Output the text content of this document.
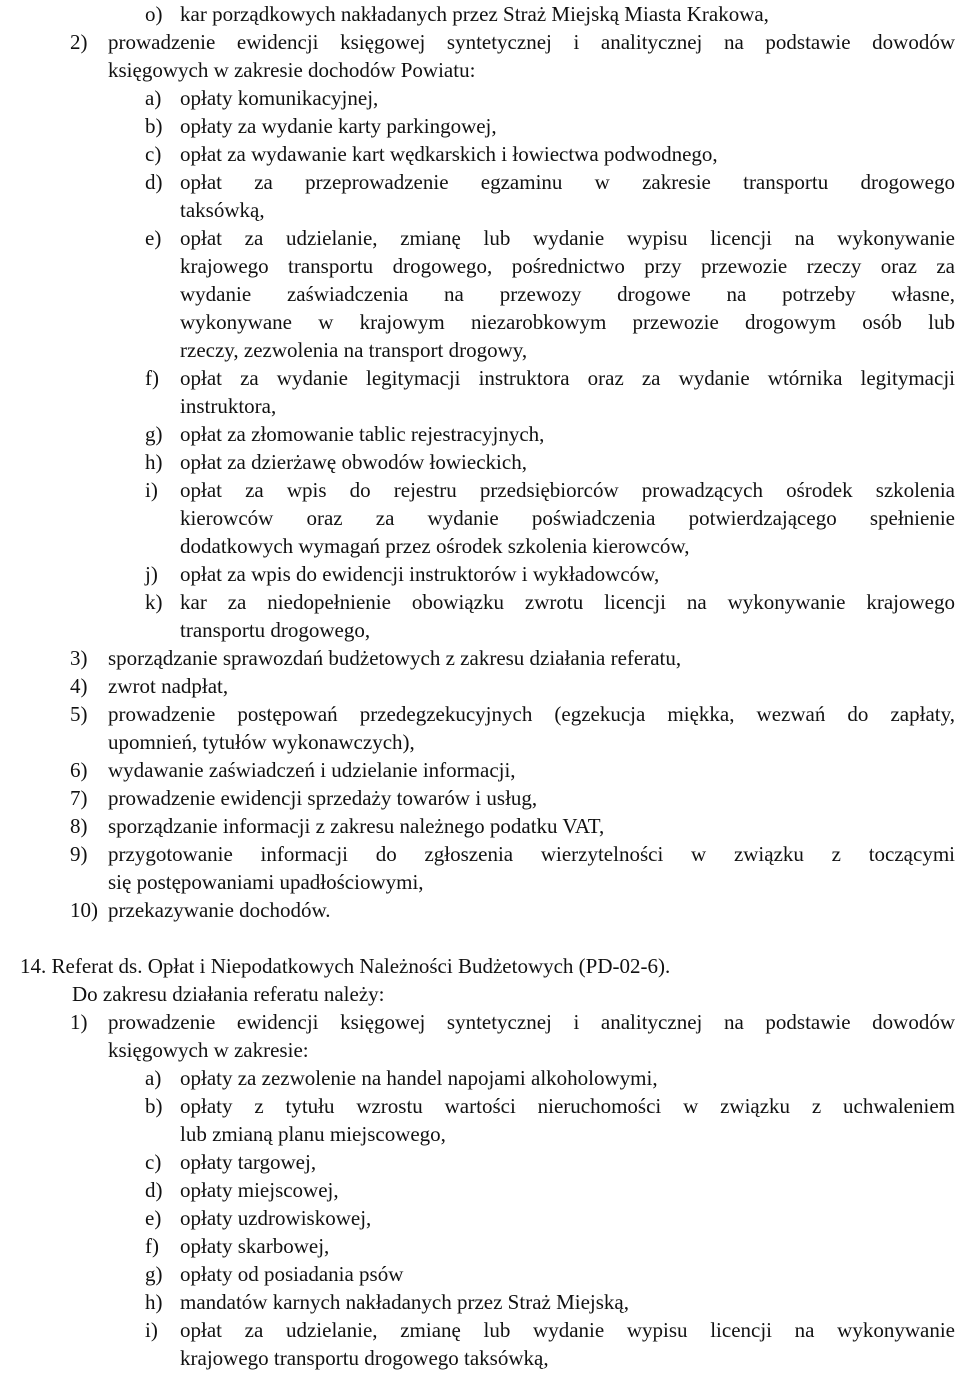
o) kar porządkowych nakładanych przez Straż Miejską Miasta Krakowa,
2) prowadzenie ewidencji księgowej syntetycznej i analitycznej na podstawie dowodów
księgowych w zakresie dochodów Powiatu:
a) opłaty komunikacyjnej,
b) opłaty za wydanie karty parkingowej,
c) opłat za wydawanie kart wędkarskich i łowiectwa podwodnego,
d) opłat za przeprowadzenie egzaminu w zakresie transportu drogowego
taksówką,
e) opłat za udzielanie, zmianę lub wydanie wypisu licencji na wykonywanie
krajowego transportu drogowego, pośrednictwo przy przewozie rzeczy oraz za
wydanie zaświadczenia na przewozy drogowe na potrzeby własne,
wykonywane w krajowym niezarobkowym przewozie drogowym osób lub
rzeczy, zezwolenia na transport drogowy,
f) opłat za wydanie legitymacji instruktora oraz za wydanie wtórnika legitymacji
instruktora,
g) opłat za złomowanie tablic rejestracyjnych,
h) opłat za dzierżawę obwodów łowieckich,
i) opłat za wpis do rejestru przedsiębiorców prowadzących ośrodek szkolenia
kierowców oraz za wydanie poświadczenia potwierdzającego spełnienie
dodatkowych wymagań przez ośrodek szkolenia kierowców,
j) opłat za wpis do ewidencji instruktorów i wykładowców,
k) kar za niedopełnienie obowiązku zwrotu licencji na wykonywanie krajowego
transportu drogowego,
3) sporządzanie sprawozdań budżetowych z zakresu działania referatu,
4) zwrot nadpłat,
5) prowadzenie postępowań przedegzekucyjnych (egzekucja miękka, wezwań do zapłaty,
upomnień, tytułów wykonawczych),
6) wydawanie zaświadczeń i udzielanie informacji,
7) prowadzenie ewidencji sprzedaży towarów i usług,
8) sporządzanie informacji z zakresu należnego podatku VAT,
9) przygotowanie informacji do zgłoszenia wierzytelności w związku z toczącymi
się postępowaniami upadłościowymi,
10) przekazywanie dochodów.
14. Referat ds. Opłat i Niepodatkowych Należności Budżetowych (PD-02-6).
Do zakresu działania referatu należy:
1) prowadzenie ewidencji księgowej syntetycznej i analitycznej na podstawie dowodów
księgowych w zakresie:
a) opłaty za zezwolenie na handel napojami alkoholowymi,
b) opłaty z tytułu wzrostu wartości nieruchomości w związku z uchwaleniem
lub zmianą planu miejscowego,
c) opłaty targowej,
d) opłaty miejscowej,
e) opłaty uzdrowiskowej,
f) opłaty skarbowej,
g) opłaty od posiadania psów
h) mandatów karnych nakładanych przez Straż Miejską,
i) opłat za udzielanie, zmianę lub wydanie wypisu licencji na wykonywanie
krajowego transportu drogowego taksówką,
